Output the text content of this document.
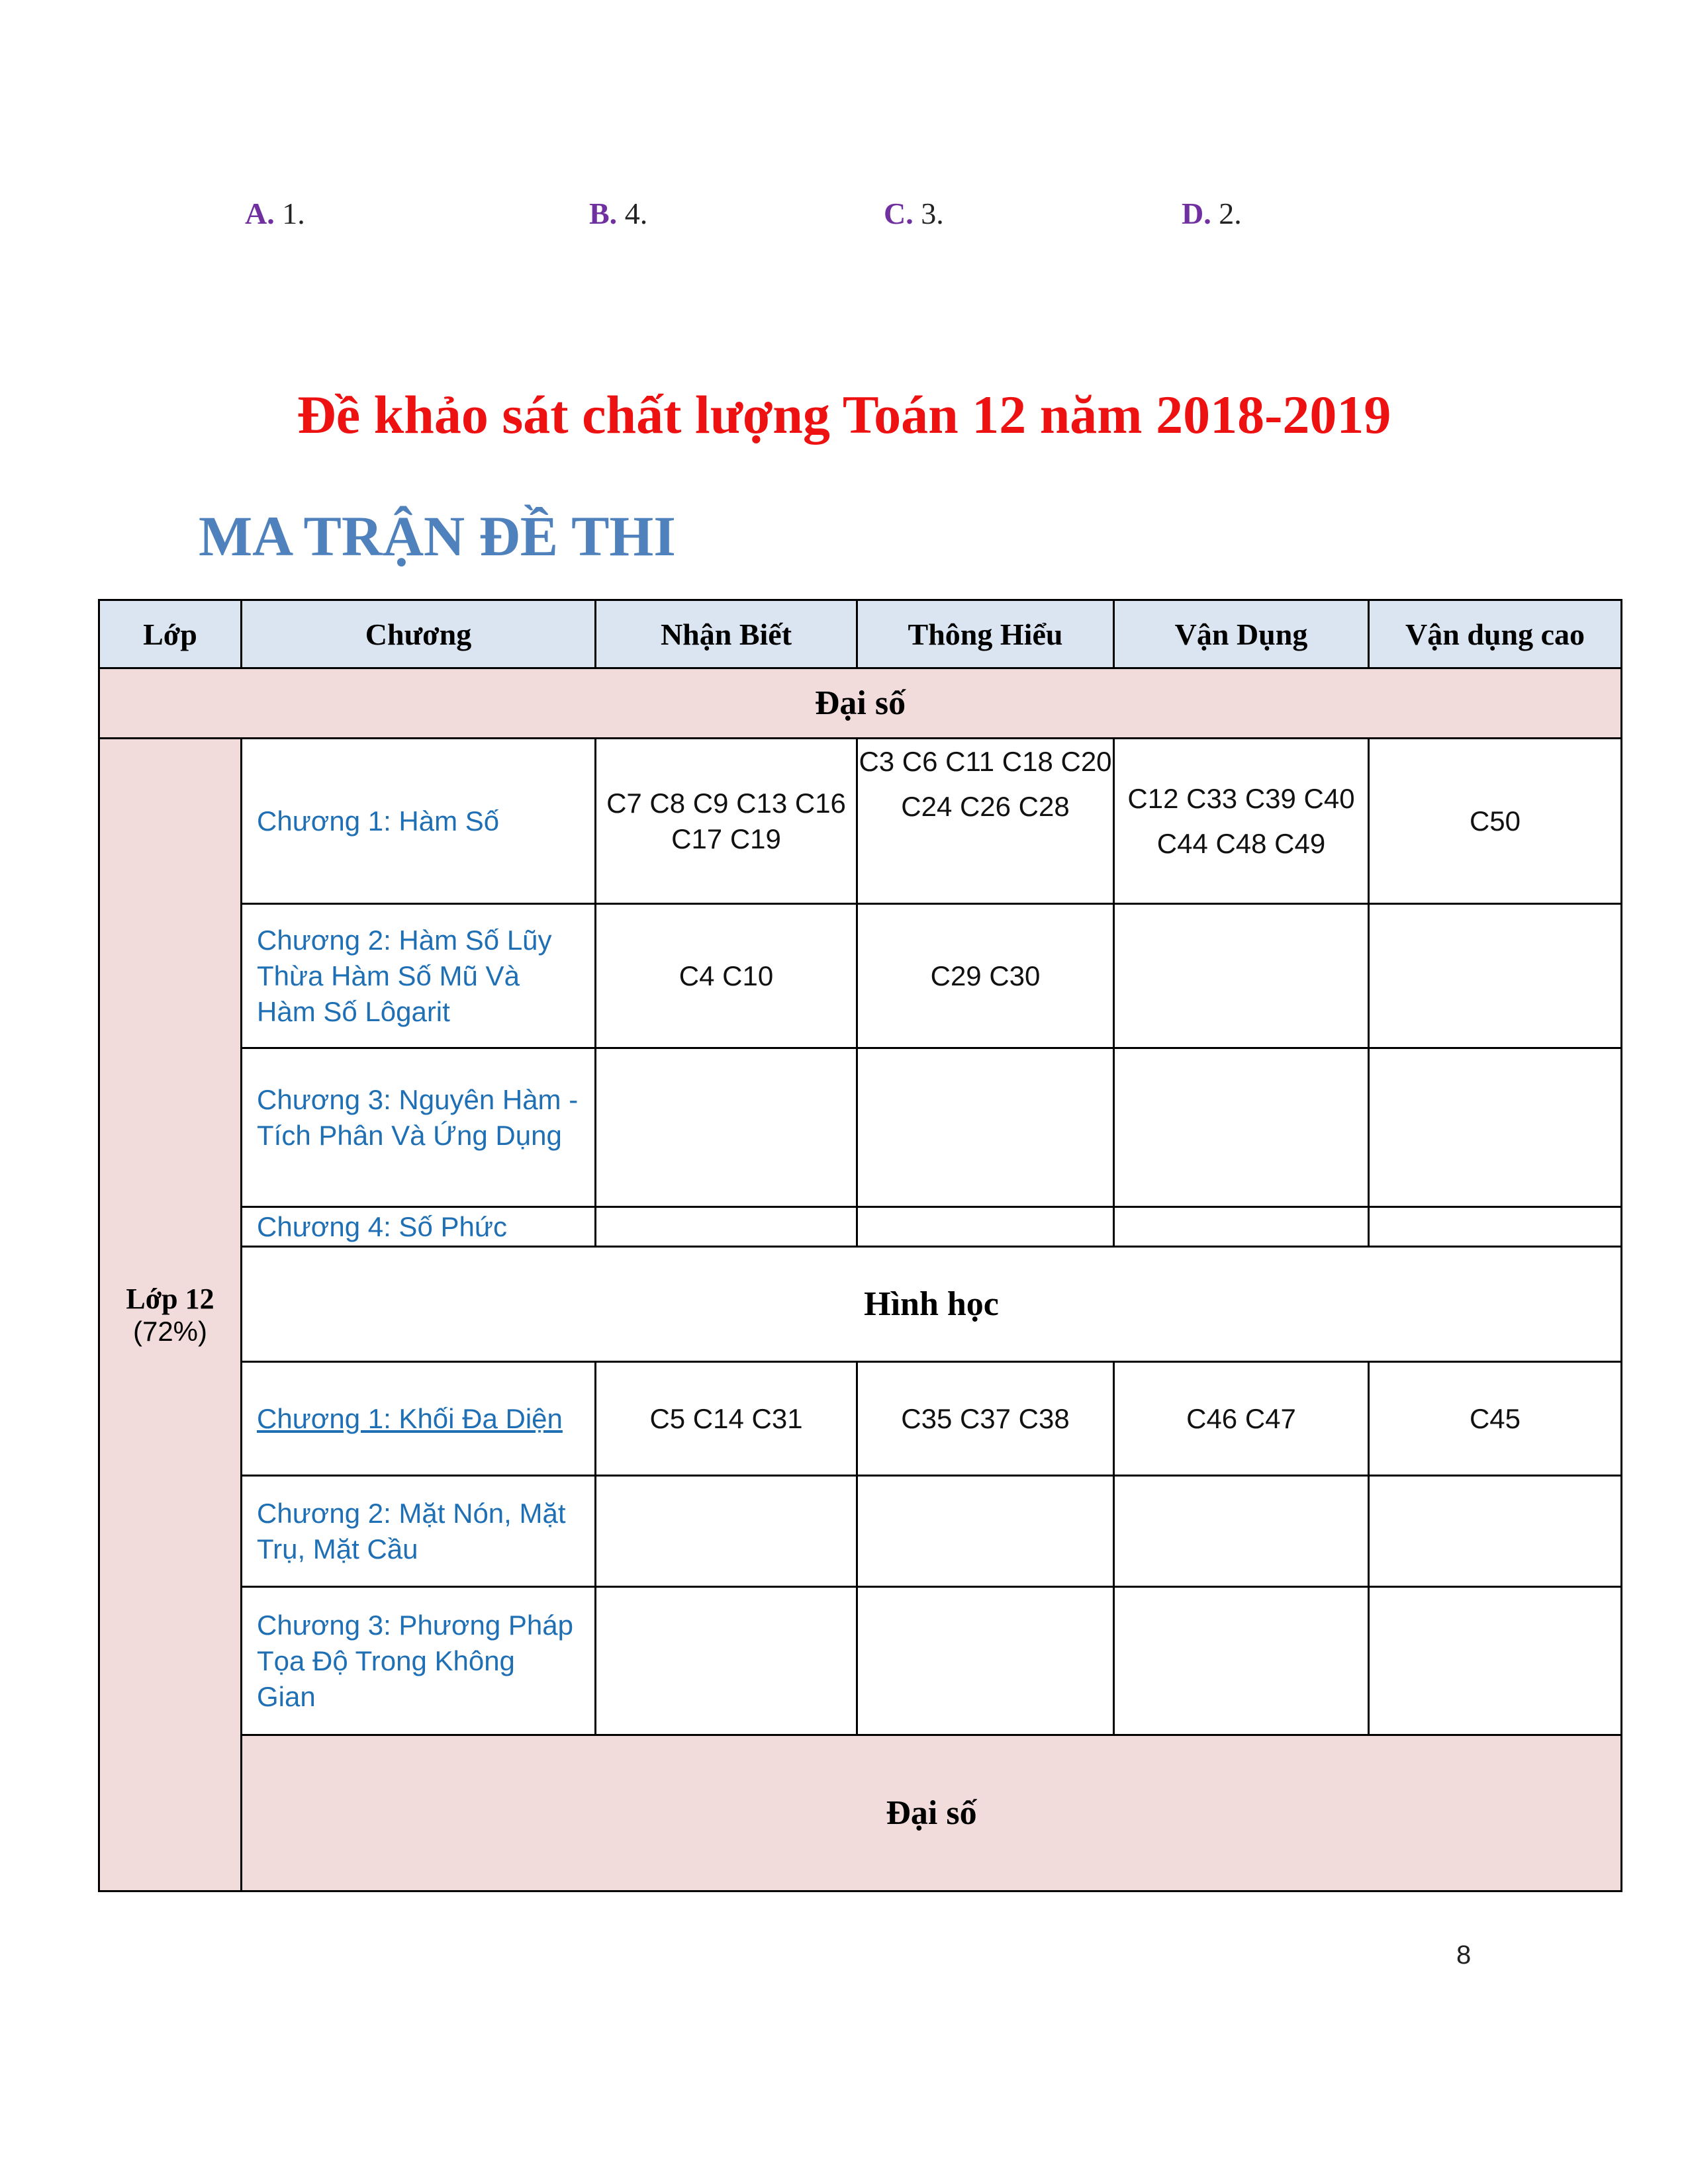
A. 1.	B. 4.	C. 3.	D. 2.
Đề khảo sát chất lượng Toán 12 năm 2018-2019
MA TRẬN ĐỀ THI
Lớp	Chương	Nhận Biết	Thông Hiểu	Vận Dụng	Vận dụng cao
Đại số					

Lớp 12
(72%)	Chương 1: Hàm Số	C7 C8 C9 C13 C16 C17 C19	C3 C6 C11 C18 C20 C24 C26 C28	C12 C33 C39 C40 C44 C48 C49	C50
	Chương 2: Hàm Số Lũy Thừa Hàm Số Mũ Và Hàm Số Lôgarit	C4 C10	C29 C30		
	Chương 3: Nguyên Hàm - Tích Phân Và Ứng Dụng				
	Chương 4: Số Phức				
	Hình học				
	Chương 1: Khối Đa Diện	C5 C14 C31	C35 C37 C38	C46 C47	C45
	Chương 2: Mặt Nón, Mặt Trụ, Mặt Cầu				
	Chương 3: Phương Pháp Tọa Độ Trong Không Gian				
	Đại số				
8
